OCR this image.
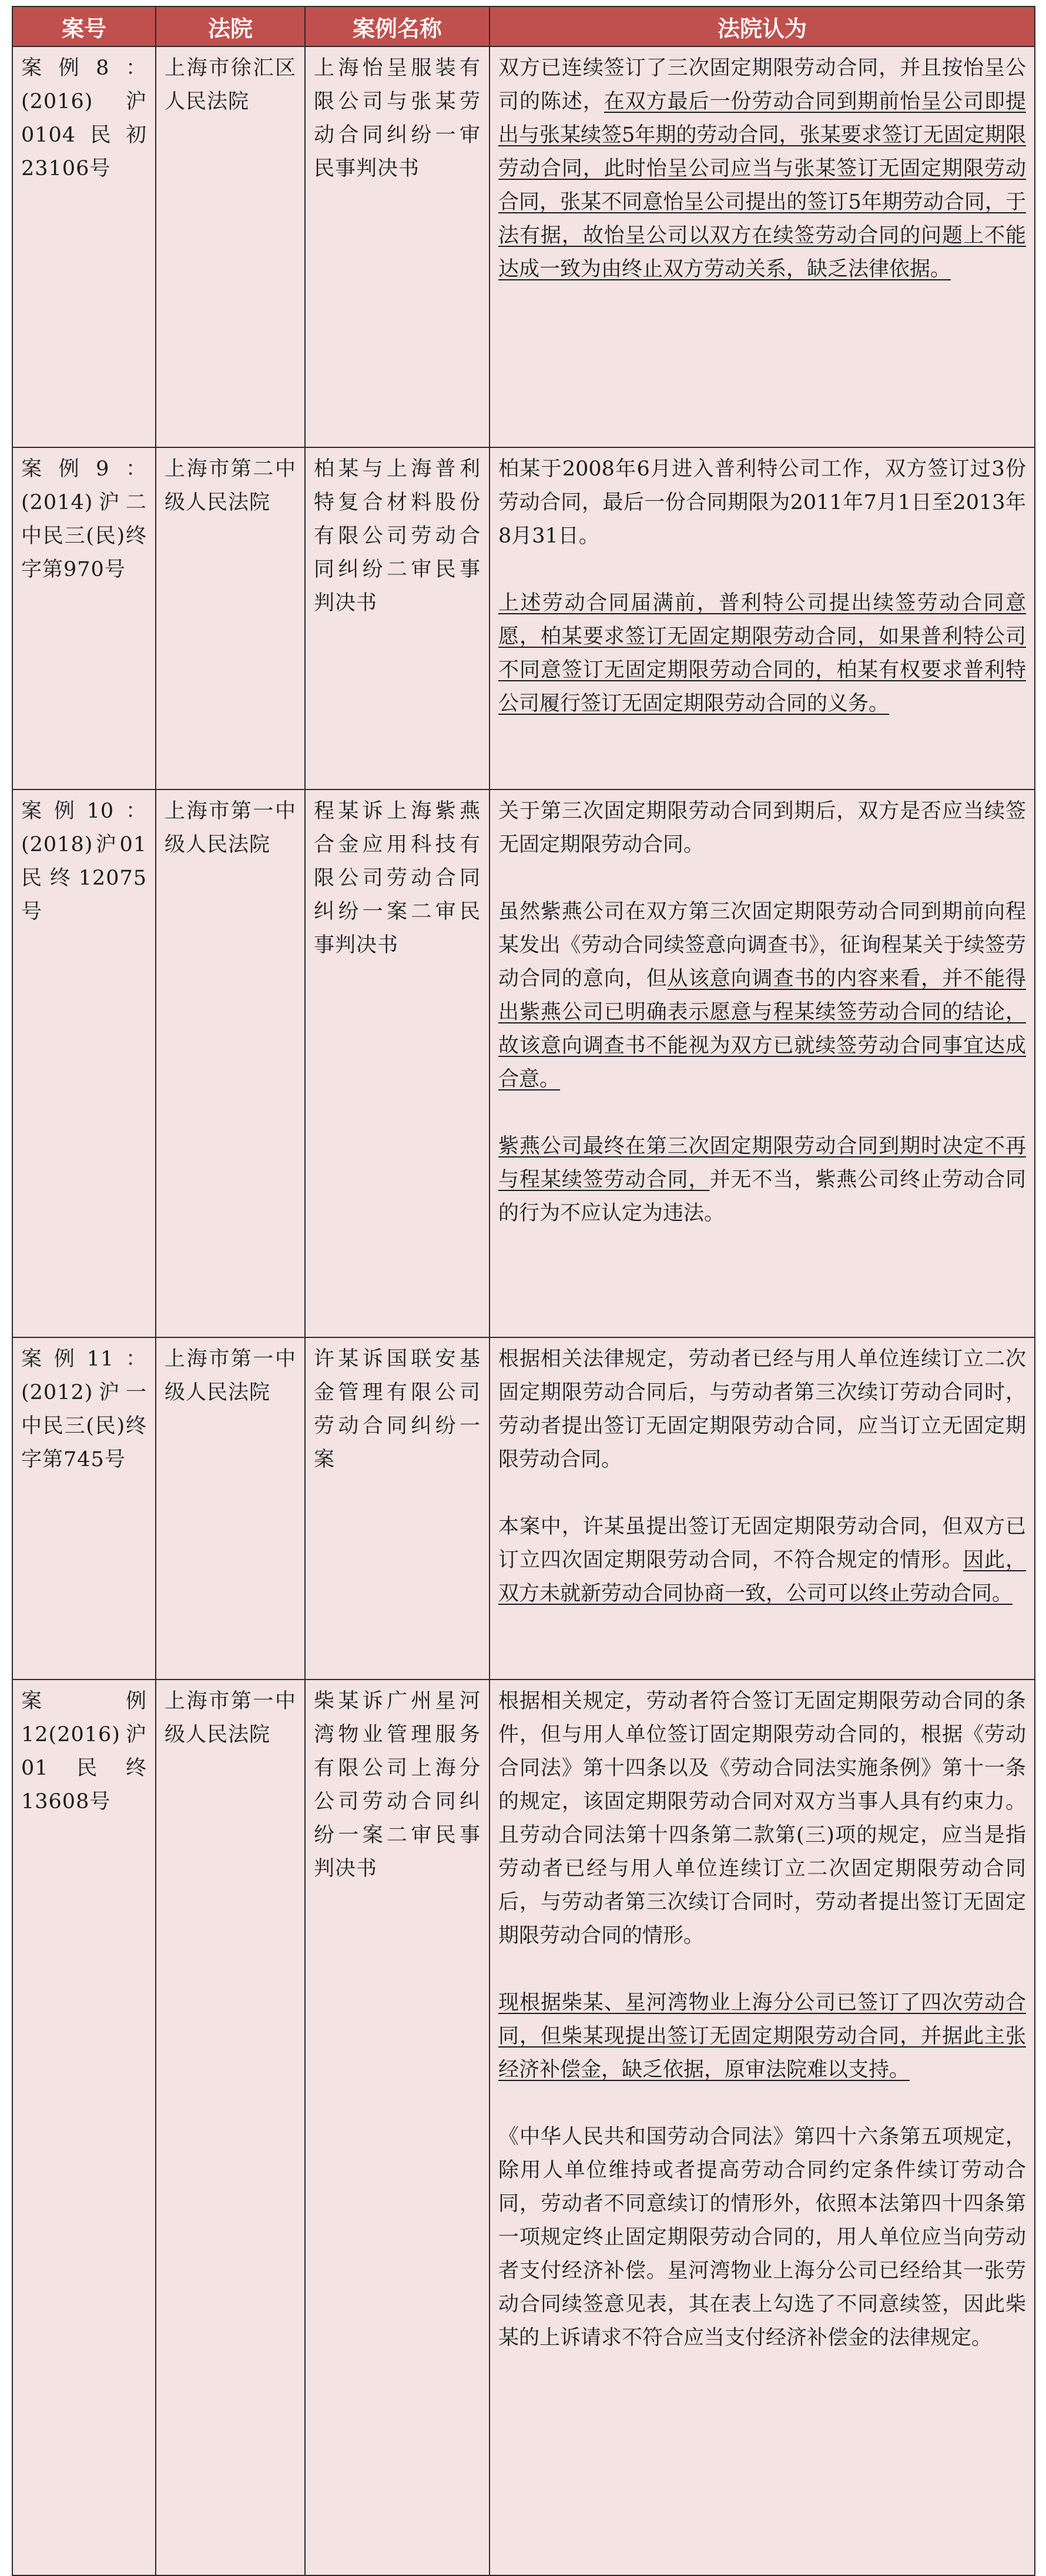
案号	法院	案例名称	法院认为
案例8：(2016)沪0104民初23106号	上海市徐汇区人民法院	上海怡呈服装有限公司与张某劳动合同纠纷一审民事判决书	双方已连续签订了三次固定期限劳动合同，并且按怡呈公司的陈述，在双方最后一份劳动合同到期前怡呈公司即提出与张某续签5年期的劳动合同，张某要求签订无固定期限劳动合同，此时怡呈公司应当与张某签订无固定期限劳动合同，张某不同意怡呈公司提出的签订5年期劳动合同，于法有据，故怡呈公司以双方在续签劳动合同的问题上不能达成一致为由终止双方劳动关系，缺乏法律依据。

案例9：(2014)沪二中民三(民)终字第970号	上海市第二中级人民法院	柏某与上海普利特复合材料股份有限公司劳动合同纠纷二审民事判决书	柏某于2008年6月进入普利特公司工作，双方签订过3份劳动合同，最后一份合同期限为2011年7月1日至2013年8月31日。

上述劳动合同届满前，普利特公司提出续签劳动合同意愿，柏某要求签订无固定期限劳动合同，如果普利特公司不同意签订无固定期限劳动合同的，柏某有权要求普利特公司履行签订无固定期限劳动合同的义务。

案例10：(2018)沪01民终12075号	上海市第一中级人民法院	程某诉上海紫燕合金应用科技有限公司劳动合同纠纷一案二审民事判决书	关于第三次固定期限劳动合同到期后，双方是否应当续签无固定期限劳动合同。

虽然紫燕公司在双方第三次固定期限劳动合同到期前向程某发出《劳动合同续签意向调查书》，征询程某关于续签劳动合同的意向，但从该意向调查书的内容来看，并不能得出紫燕公司已明确表示愿意与程某续签劳动合同的结论，故该意向调查书不能视为双方已就续签劳动合同事宜达成合意。

紫燕公司最终在第三次固定期限劳动合同到期时决定不再与程某续签劳动合同，并无不当，紫燕公司终止劳动合同的行为不应认定为违法。

案例11：(2012)沪一中民三(民)终字第745号	上海市第一中级人民法院	许某诉国联安基金管理有限公司劳动合同纠纷一案	根据相关法律规定，劳动者已经与用人单位连续订立二次固定期限劳动合同后，与劳动者第三次续订劳动合同时，劳动者提出签订无固定期限劳动合同，应当订立无固定期限劳动合同。

本案中，许某虽提出签订无固定期限劳动合同，但双方已订立四次固定期限劳动合同，不符合规定的情形。因此，双方未就新劳动合同协商一致，公司可以终止劳动合同。

案例12(2016)沪01民终13608号	上海市第一中级人民法院	柴某诉广州星河湾物业管理服务有限公司上海分公司劳动合同纠纷一案二审民事判决书	根据相关规定，劳动者符合签订无固定期限劳动合同的条件，但与用人单位签订固定期限劳动合同的，根据《劳动合同法》第十四条以及《劳动合同法实施条例》第十一条的规定，该固定期限劳动合同对双方当事人具有约束力。且劳动合同法第十四条第二款第(三)项的规定，应当是指劳动者已经与用人单位连续订立二次固定期限劳动合同后，与劳动者第三次续订合同时，劳动者提出签订无固定期限劳动合同的情形。

现根据柴某、星河湾物业上海分公司已签订了四次劳动合同，但柴某现提出签订无固定期限劳动合同，并据此主张经济补偿金，缺乏依据，原审法院难以支持。

《中华人民共和国劳动合同法》第四十六条第五项规定，除用人单位维持或者提高劳动合同约定条件续订劳动合同，劳动者不同意续订的情形外，依照本法第四十四条第一项规定终止固定期限劳动合同的，用人单位应当向劳动者支付经济补偿。星河湾物业上海分公司已经给其一张劳动合同续签意见表，其在表上勾选了不同意续签，因此柴某的上诉请求不符合应当支付经济补偿金的法律规定。
